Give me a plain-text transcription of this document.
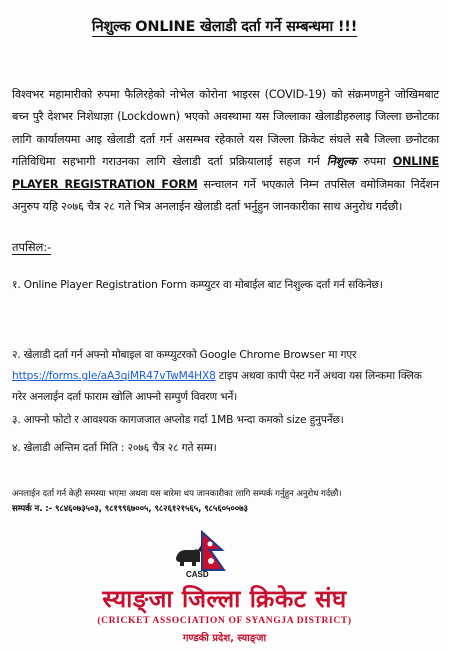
निशुल्क ONLINE खेलाडी दर्ता गर्ने सम्बन्धमा !!!
विश्वभर महामारीको रुपमा फैलिरहेको नोभेल कोरोना भाइरस (COVID-19) को संक्रमणहुने जोखिमबाट बच्न पुरै देशभर निशेधाज्ञा (Lockdown) भएको अवस्थामा यस जिल्लाका खेलाडीहरुलाइ जिल्ला छनोटका लागि कार्यालयमा आइ खेलाडी दर्ता गर्न असम्भव रहेकाले यस जिल्ला क्रिकेट संघले सबै जिल्ला छनोटका गतिविधिमा सहभागी गराउनका लागि खेलाडी दर्ता प्रक्रियालाई सहज गर्न निशुल्क रुपमा ONLINE PLAYER REGISTRATION FORM सन्चालन गर्ने भएकाले निम्न तपसिल वमोजिमका निर्देशन अनुरुप यहि २०७६ चैत्र २८ गते भित्र अनलाईन खेलाडी दर्ता भर्नुहुन जानकारीका साथ अनुरोध गर्दछौ।
तपसिल:-
१. Online Player Registration Form कम्प्युटर वा मोबाईल बाट निशुल्क दर्ता गर्न सकिनेछ।
२. खेलाडी दर्ता गर्न अफ्नो मोबाइल वा कम्प्युटरको Google Chrome Browser मा गएर https://forms.gle/aA3qiMR47vTwM4HX8 टाइप अथवा कापी पेस्ट गर्ने अथवा यस लिन्कमा क्लिक गरेर अनलाईन दर्ता फाराम खोलि आफ्नो सम्पुर्ण विवरण भर्ने।
३. आफ्नो फोटो र आवश्यक कागजजात अप्लोड गर्दा 1MB भन्दा कमको size हुनुपर्नेछ।
४. खेलाडी अन्तिम दर्ता मिति : २०७६ चैत्र २८ गते सम्म।
अनलाईन दर्ता गर्न केही समस्या भएमा अथवा यस बारेमा थप जानकारीका लागि सम्पर्क गर्नुहुन अनुरोध गर्दछौ।
सम्पर्क न. :- ९८४६०७३५०३, ९८१९९६७००५, ९८२६१२१५६५, ९८५६०५००७३
CASD
स्याङ्जा जिल्ला क्रिकेट संघ
(CRICKET ASSOCIATION OF SYANGJA DISTRICT)
गण्डकी प्रदेश, स्याङ्जा
